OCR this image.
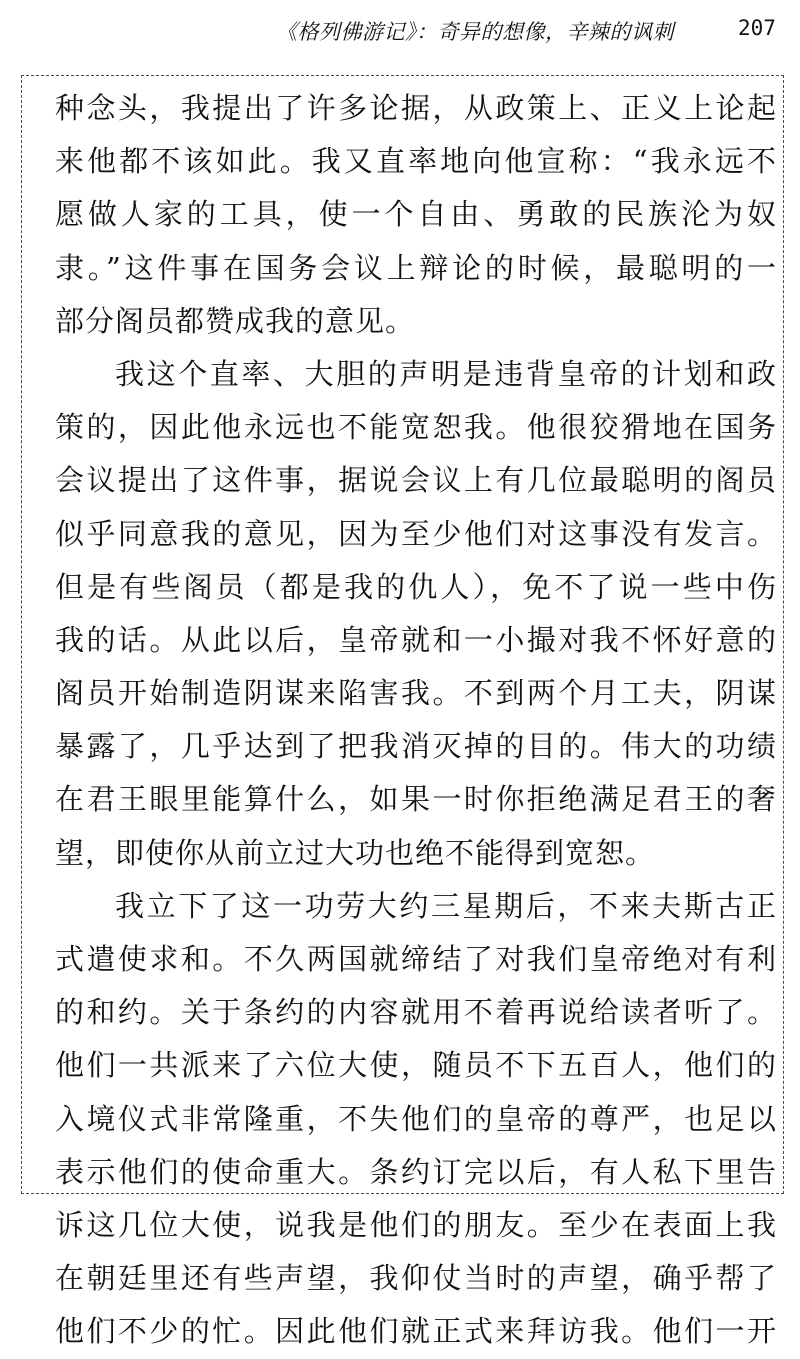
《格列佛游记》：奇异的想像，辛辣的讽刺	207
种念头，我提出了许多论据，从政策上、正义上论起
来他都不该如此。我又直率地向他宣称：“我永远不
愿做人家的工具，使一个自由、勇敢的民族沦为奴
隶。”这件事在国务会议上辩论的时候，最聪明的一
部分阁员都赞成我的意见。
我这个直率、大胆的声明是违背皇帝的计划和政
策的，因此他永远也不能宽恕我。他很狡猾地在国务
会议提出了这件事，据说会议上有几位最聪明的阁员
似乎同意我的意见，因为至少他们对这事没有发言。
但是有些阁员（都是我的仇人），免不了说一些中伤
我的话。从此以后，皇帝就和一小撮对我不怀好意的
阁员开始制造阴谋来陷害我。不到两个月工夫，阴谋
暴露了，几乎达到了把我消灭掉的目的。伟大的功绩
在君王眼里能算什么，如果一时你拒绝满足君王的奢
望，即使你从前立过大功也绝不能得到宽恕。
我立下了这一功劳大约三星期后，不来夫斯古正
式遣使求和。不久两国就缔结了对我们皇帝绝对有利
的和约。关于条约的内容就用不着再说给读者听了。
他们一共派来了六位大使，随员不下五百人，他们的
入境仪式非常隆重，不失他们的皇帝的尊严，也足以
表示他们的使命重大。条约订完以后，有人私下里告
诉这几位大使，说我是他们的朋友。至少在表面上我
在朝廷里还有些声望，我仰仗当时的声望，确乎帮了
他们不少的忙。因此他们就正式来拜访我。他们一开
